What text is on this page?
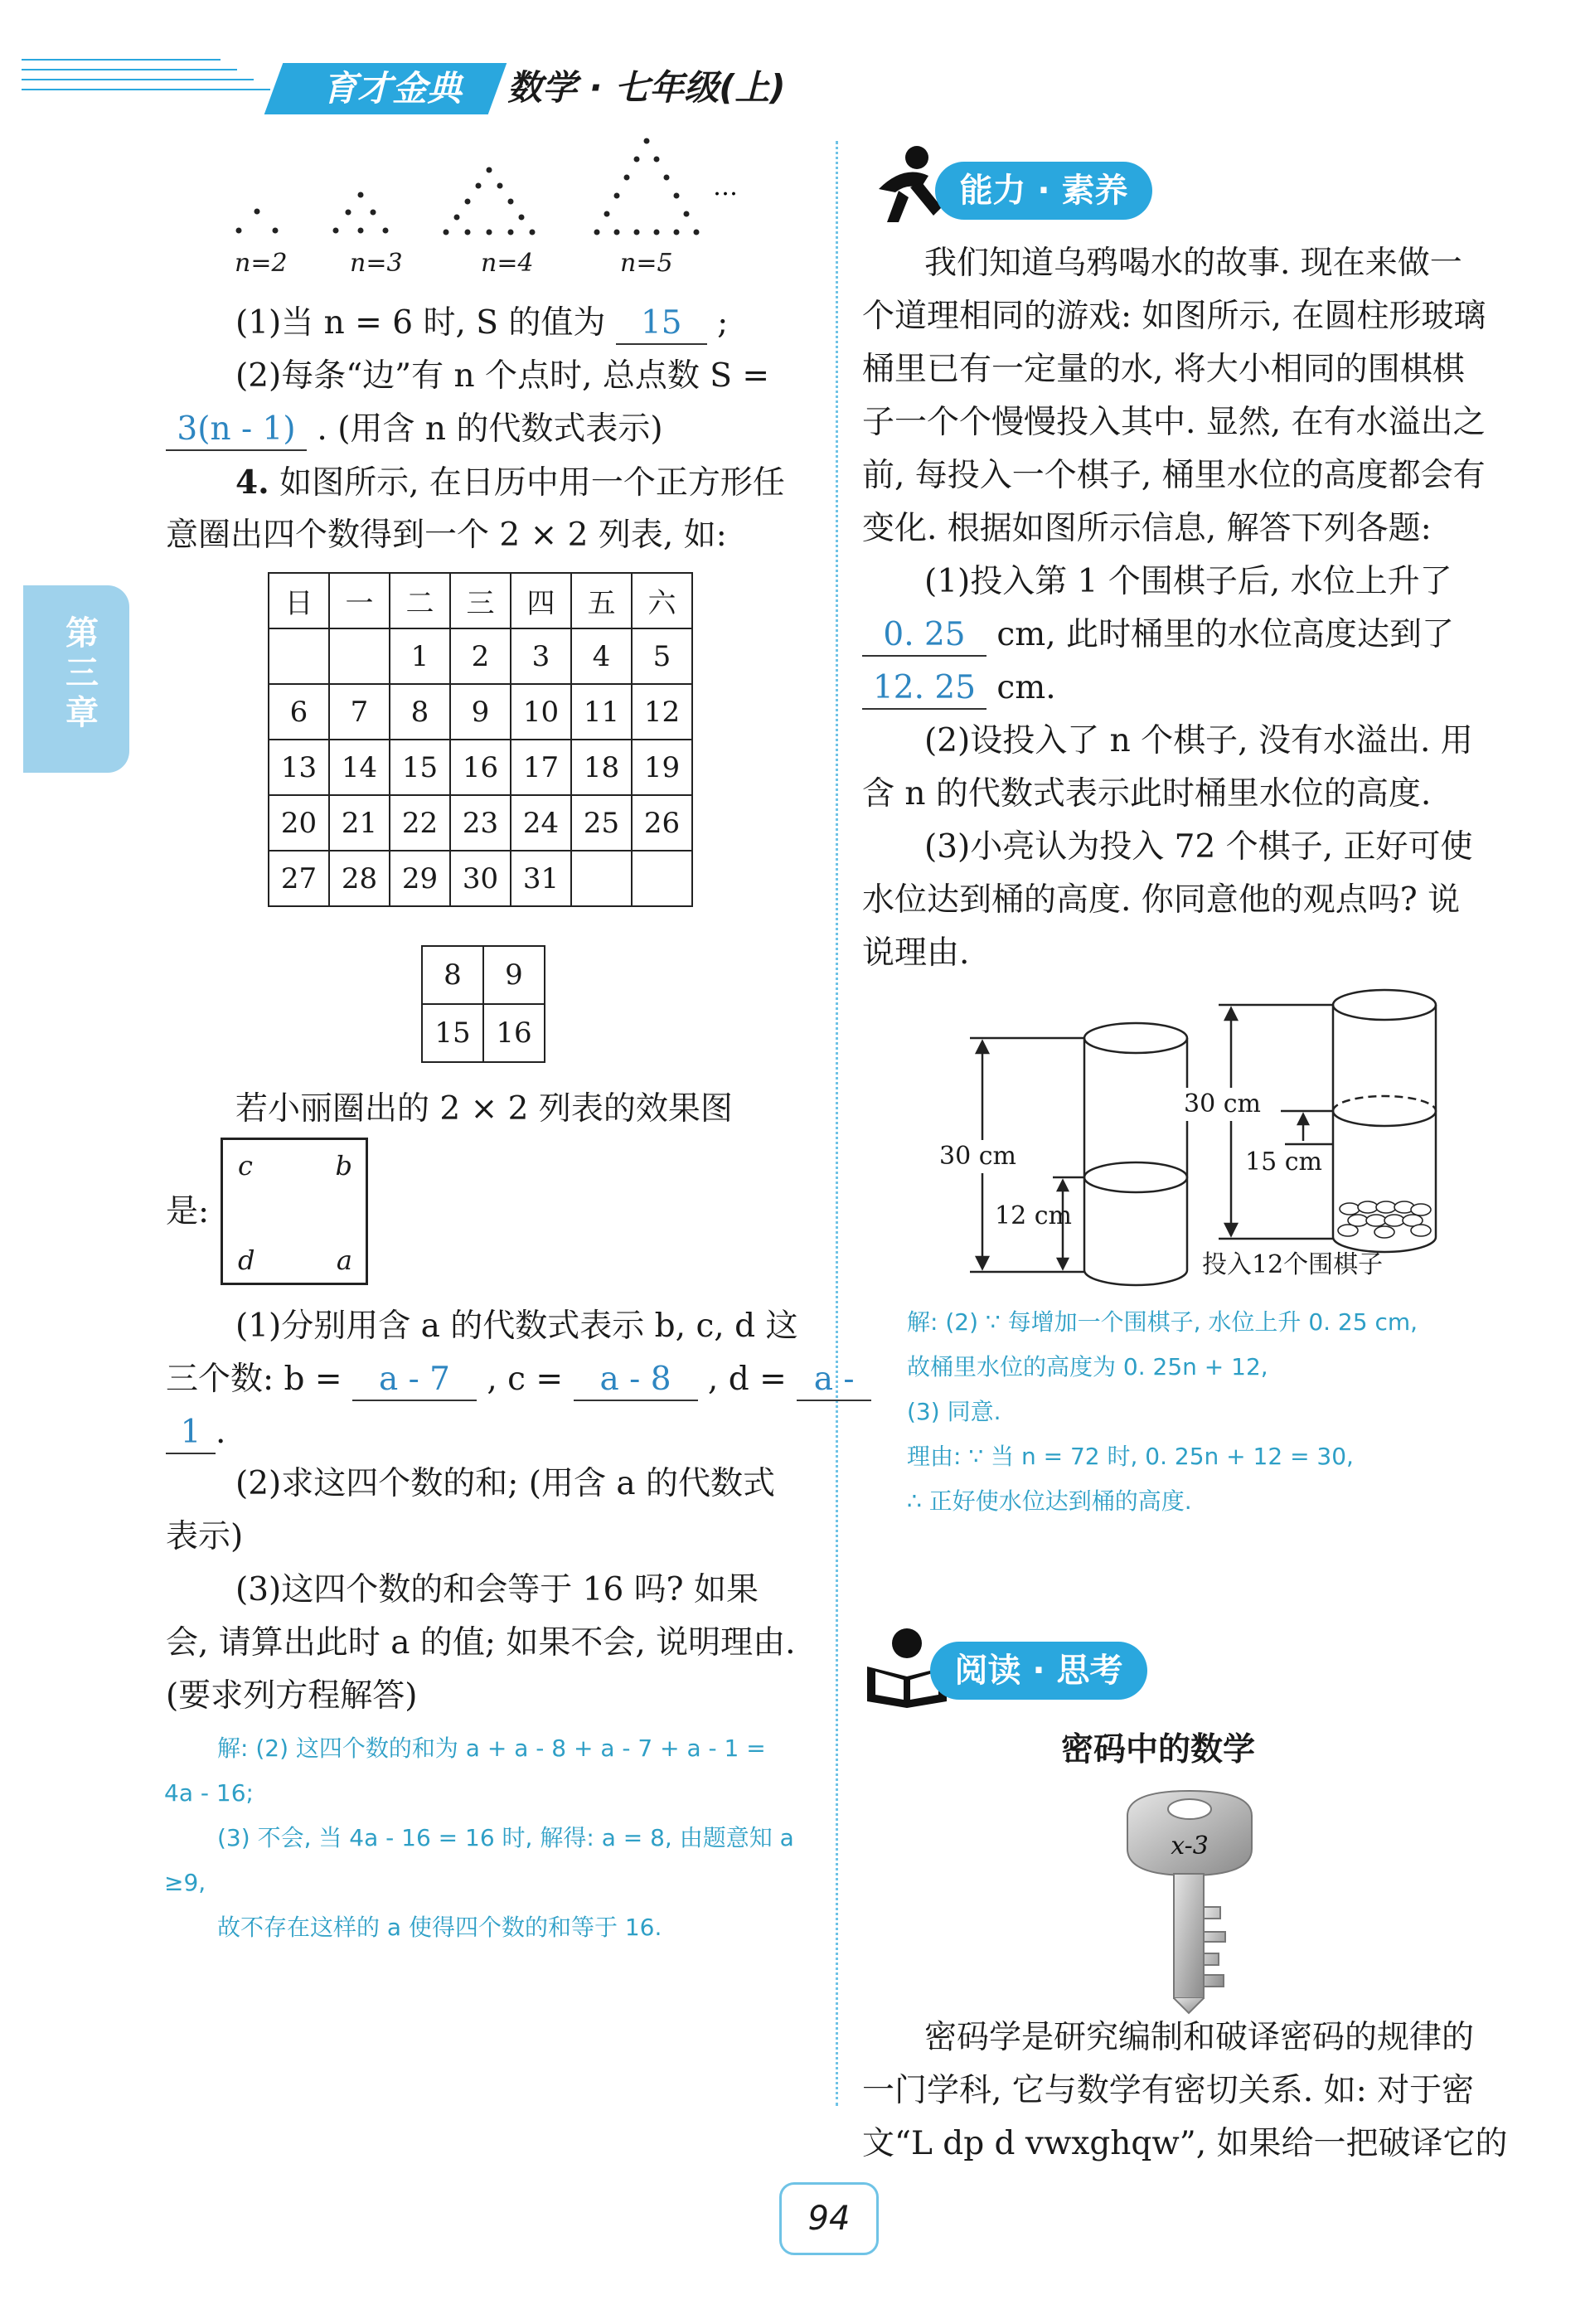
育才金典	数学 · 七年级(上)
第三章
…
n=2	n=3	n=4	n=5
(1)当 n = 6 时, S 的值为 15 ;
(2)每条“边”有 n 个点时, 总点数 S =
3(n - 1) . (用含 n 的代数式表示)
4. 如图所示, 在日历中用一个正方形任
意圈出四个数得到一个 2 × 2 列表, 如:
日	一	二	三	四	五	六
		1	2	3	4	5
6	7	8	9	10	11	12
13	14	15	16	17	18	19
20	21	22	23	24	25	26
27	28	29	30	31		
8	9
15	16
若小丽圈出的 2 × 2 列表的效果图
是:
c	b
d	a
(1)分别用含 a 的代数式表示 b, c, d 这
三个数: b = a - 7 , c = a - 8 , d = a -
1 .
(2)求这四个数的和; (用含 a 的代数式
表示)
(3)这四个数的和会等于 16 吗? 如果
会, 请算出此时 a 的值; 如果不会, 说明理由.
(要求列方程解答)
解: (2) 这四个数的和为 a + a - 8 + a - 7 + a - 1 =
4a - 16;
(3) 不会, 当 4a - 16 = 16 时, 解得: a = 8, 由题意知 a
≥9,
故不存在这样的 a 使得四个数的和等于 16.
能力 · 素养
我们知道乌鸦喝水的故事. 现在来做一
个道理相同的游戏: 如图所示, 在圆柱形玻璃
桶里已有一定量的水, 将大小相同的围棋棋
子一个个慢慢投入其中. 显然, 在有水溢出之
前, 每投入一个棋子, 桶里水位的高度都会有
变化. 根据如图所示信息, 解答下列各题:
(1)投入第 1 个围棋子后, 水位上升了
0. 25 cm, 此时桶里的水位高度达到了
12. 25 cm.
(2)设投入了 n 个棋子, 没有水溢出. 用
含 n 的代数式表示此时桶里水位的高度.
(3)小亮认为投入 72 个棋子, 正好可使
水位达到桶的高度. 你同意他的观点吗? 说
说理由.
30 cm
12 cm
30 cm
15 cm
投入12个围棋子
解: (2) ∵ 每增加一个围棋子, 水位上升 0. 25 cm,
故桶里水位的高度为 0. 25n + 12,
(3) 同意.
理由: ∵ 当 n = 72 时, 0. 25n + 12 = 30,
∴ 正好使水位达到桶的高度.
阅读 · 思考
密码中的数学
x-3
密码学是研究编制和破译密码的规律的
一门学科, 它与数学有密切关系. 如: 对于密
文“L dp d vwxghqw”, 如果给一把破译它的
94
